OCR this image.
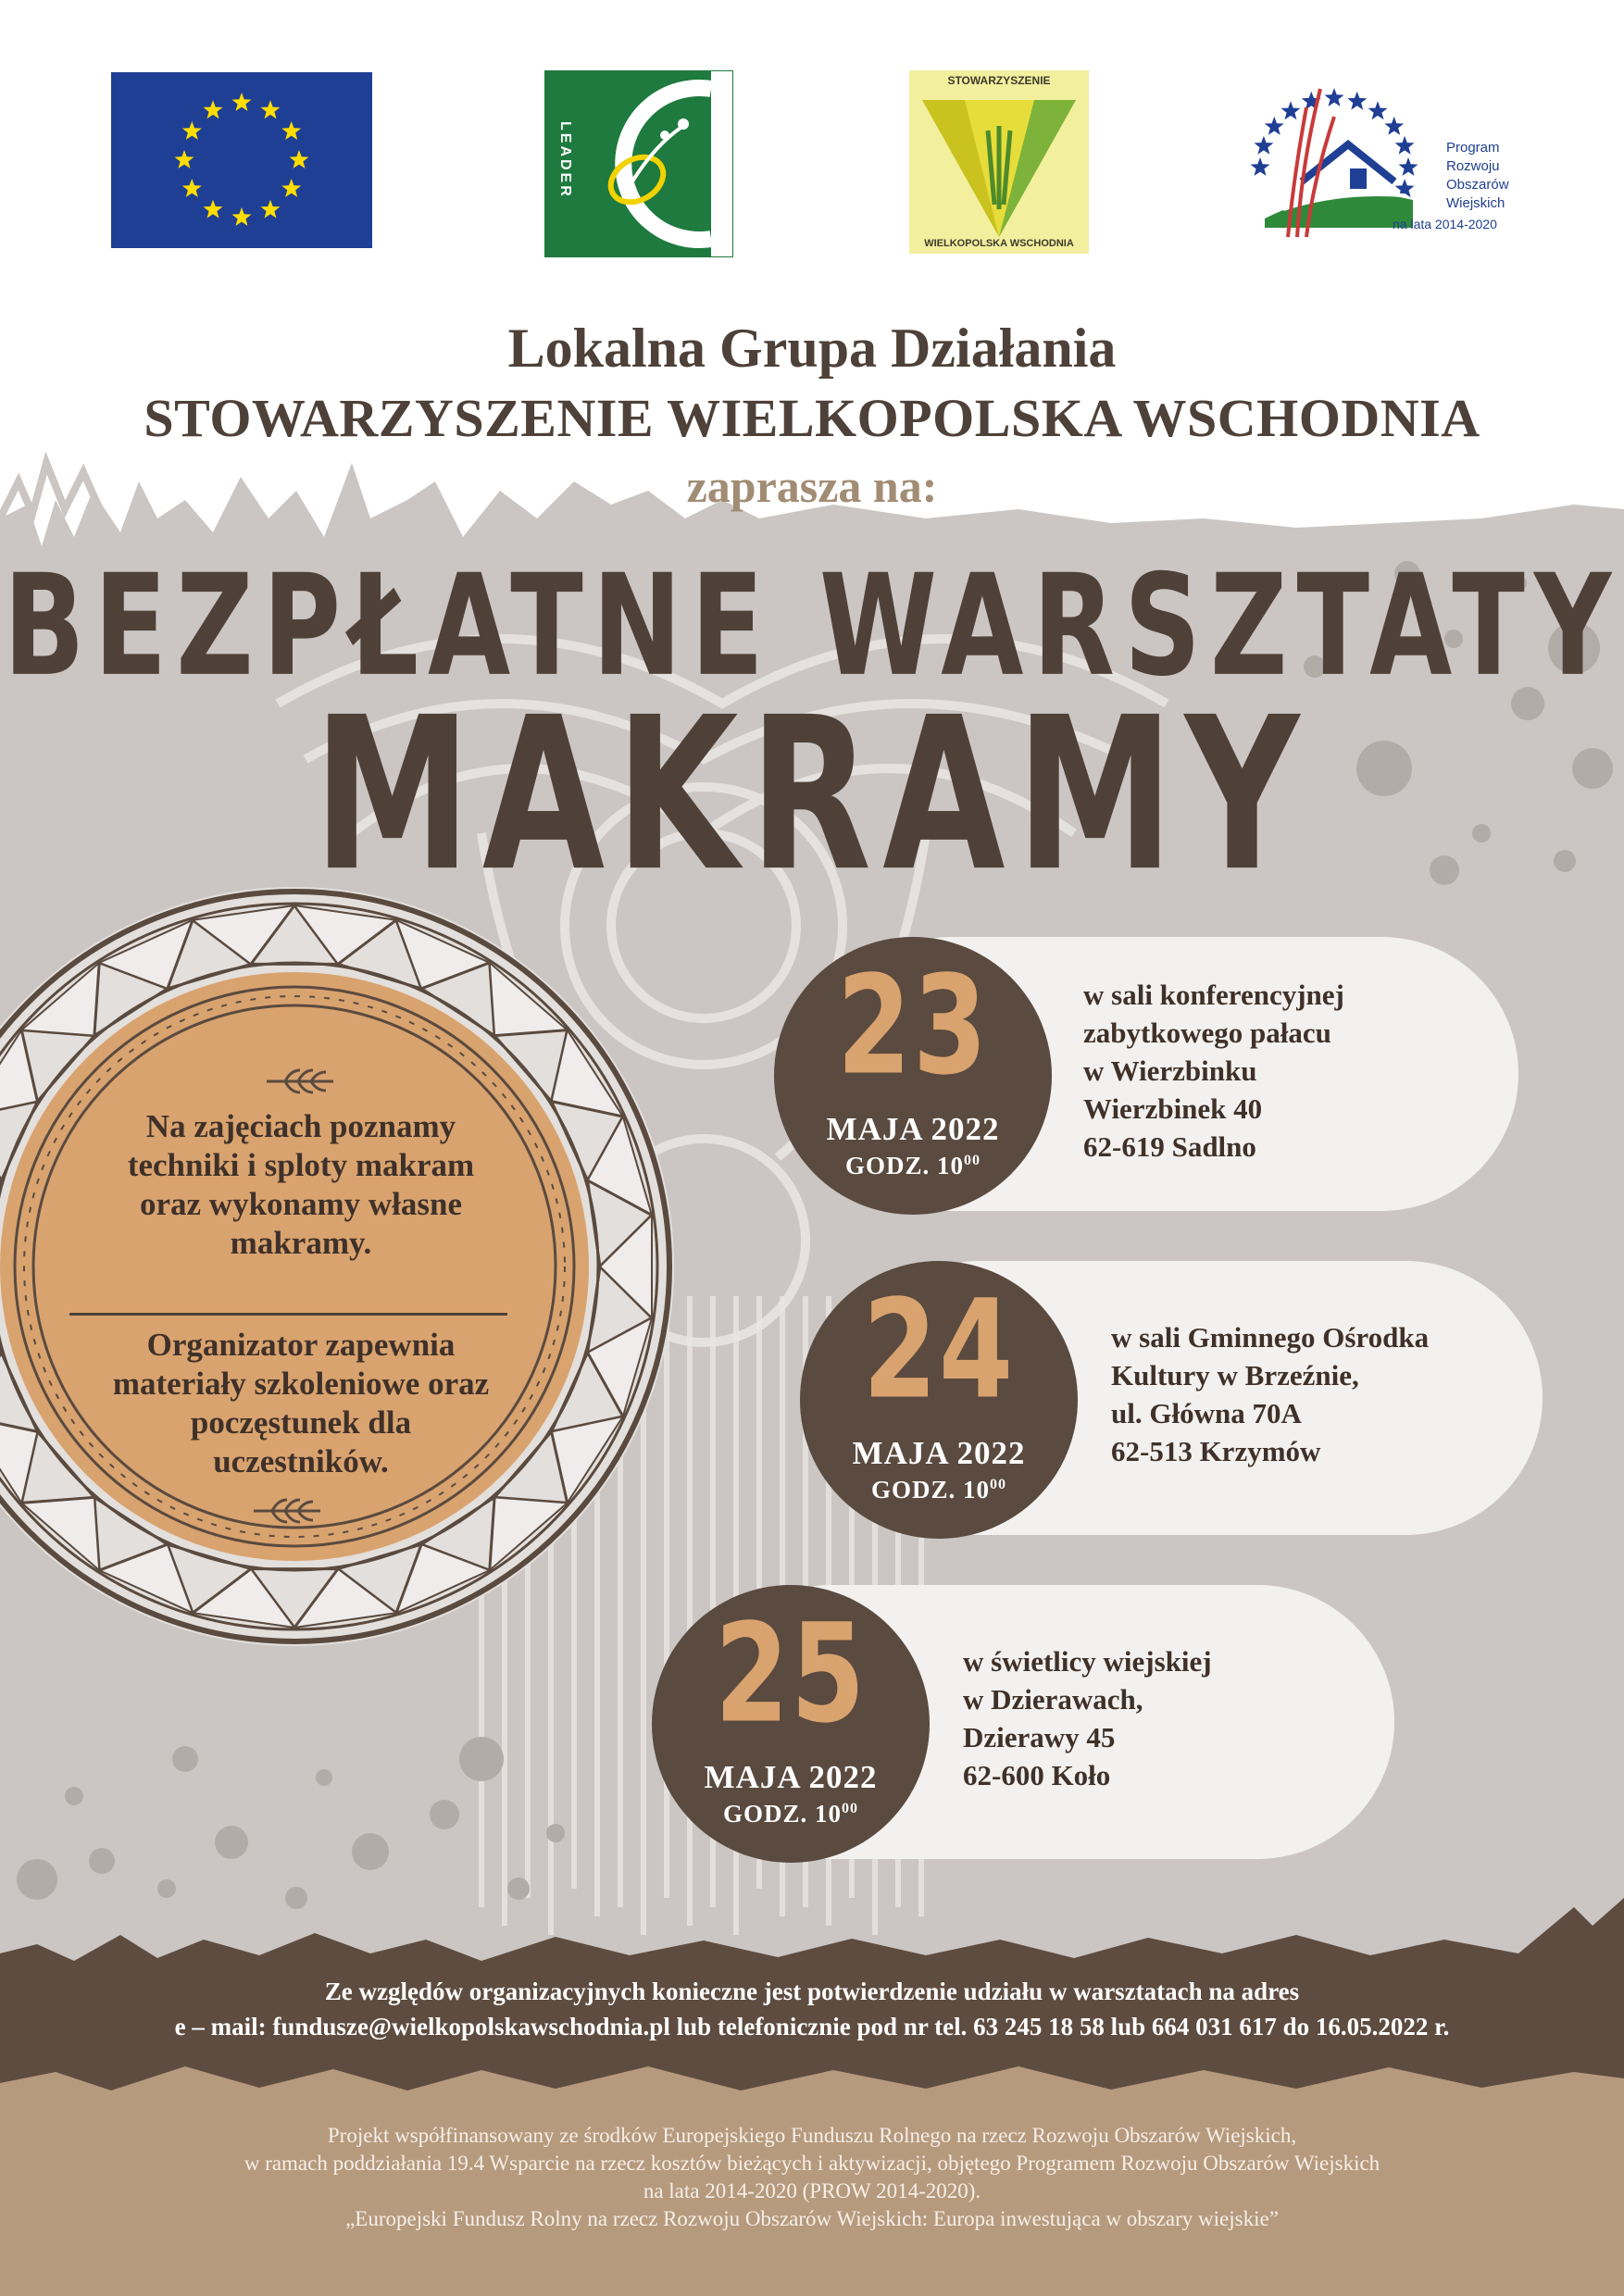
LEADER
STOWARZYSZENIE
WIELKOPOLSKA WSCHODNIA
Program
Rozwoju
Obszarów
Wiejskich
na lata 2014-2020
Lokalna Grupa Działania
STOWARZYSZENIE WIELKOPOLSKA WSCHODNIA
zaprasza na:
BEZPŁATNE WARSZTATY
MAKRAMY
Na zajęciach poznamy techniki i sploty makram oraz wykonamy własne makramy.
Organizator zapewnia materiały szkoleniowe oraz poczęstunek dla uczestników.
23
MAJA 2022
GODZ. $10^{00}$
w sali konferencyjnej
zabytkowego pałacu
w Wierzbinku
Wierzbinek 40
62-619 Sadlno
24
MAJA 2022
GODZ. $10^{00}$
w sali Gminnego Ośrodka
Kultury w Brzeźnie,
ul. Główna 70A
62-513 Krzymów
25
MAJA 2022
GODZ. $10^{00}$
w świetlicy wiejskiej
w Dzierawach,
Dzierawy 45
62-600 Koło
Ze względów organizacyjnych konieczne jest potwierdzenie udziału w warsztatach na adres
e – mail: fundusze@wielkopolskawschodnia.pl lub telefonicznie pod nr tel. 63 245 18 58 lub 664 031 617 do 16.05.2022 r.
Projekt współfinansowany ze środków Europejskiego Funduszu Rolnego na rzecz Rozwoju Obszarów Wiejskich,
w ramach poddziałania 19.4 Wsparcie na rzecz kosztów bieżących i aktywizacji, objętego Programem Rozwoju Obszarów Wiejskich
na lata 2014-2020 (PROW 2014-2020).
„Europejski Fundusz Rolny na rzecz Rozwoju Obszarów Wiejskich: Europa inwestująca w obszary wiejskie”
